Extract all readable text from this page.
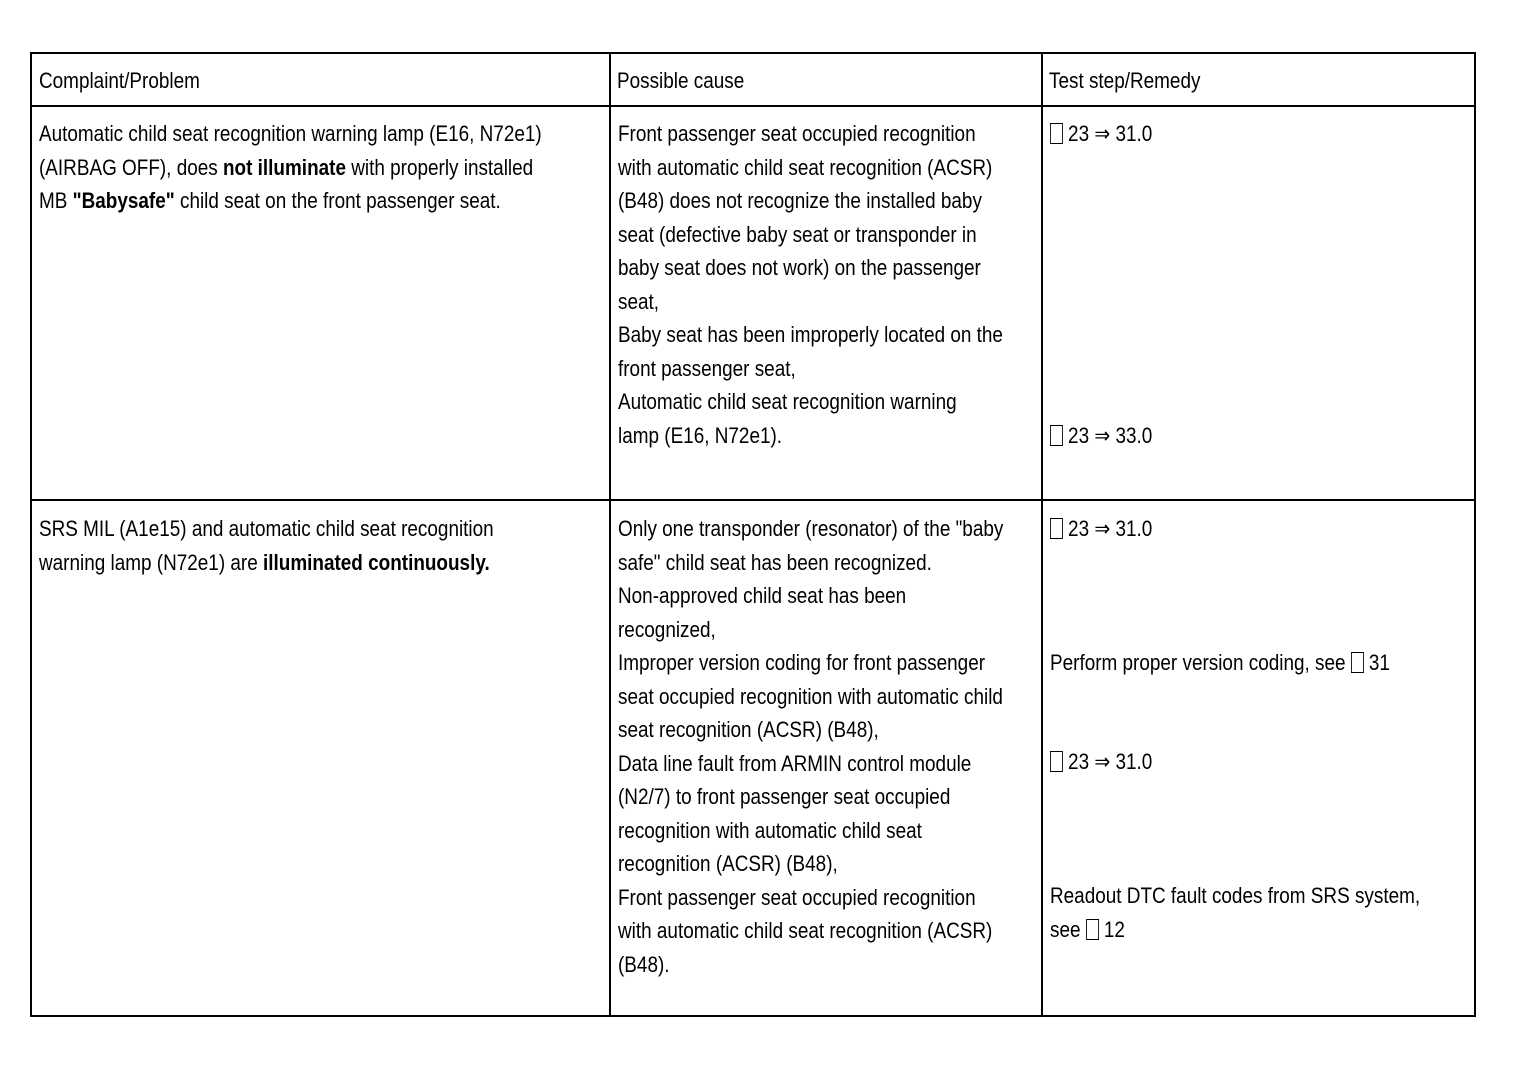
Complaint/Problem	Possible cause	Test step/Remedy
Automatic child seat recognition warning lamp (E16, N72e1)
(AIRBAG OFF), does not illuminate with properly installed
MB "Babysafe" child seat on the front passenger seat.
Front passenger seat occupied recognition
with automatic child seat recognition (ACSR)
(B48) does not recognize the installed baby
seat (defective baby seat or transponder in
baby seat does not work) on the passenger
seat,
Baby seat has been improperly located on the
front passenger seat,
Automatic child seat recognition warning
lamp (E16, N72e1).
23 ⇒ 31.0
23 ⇒ 33.0
SRS MIL (A1e15) and automatic child seat recognition
warning lamp (N72e1) are illuminated continuously.
Only one transponder (resonator) of the "baby
safe" child seat has been recognized.
Non-approved child seat has been
recognized,
Improper version coding for front passenger
seat occupied recognition with automatic child
seat recognition (ACSR) (B48),
Data line fault from ARMIN control module
(N2/7) to front passenger seat occupied
recognition with automatic child seat
recognition (ACSR) (B48),
Front passenger seat occupied recognition
with automatic child seat recognition (ACSR)
(B48).
23 ⇒ 31.0
Perform proper version coding, see 31
23 ⇒ 31.0
Readout DTC fault codes from SRS system,
see 12
